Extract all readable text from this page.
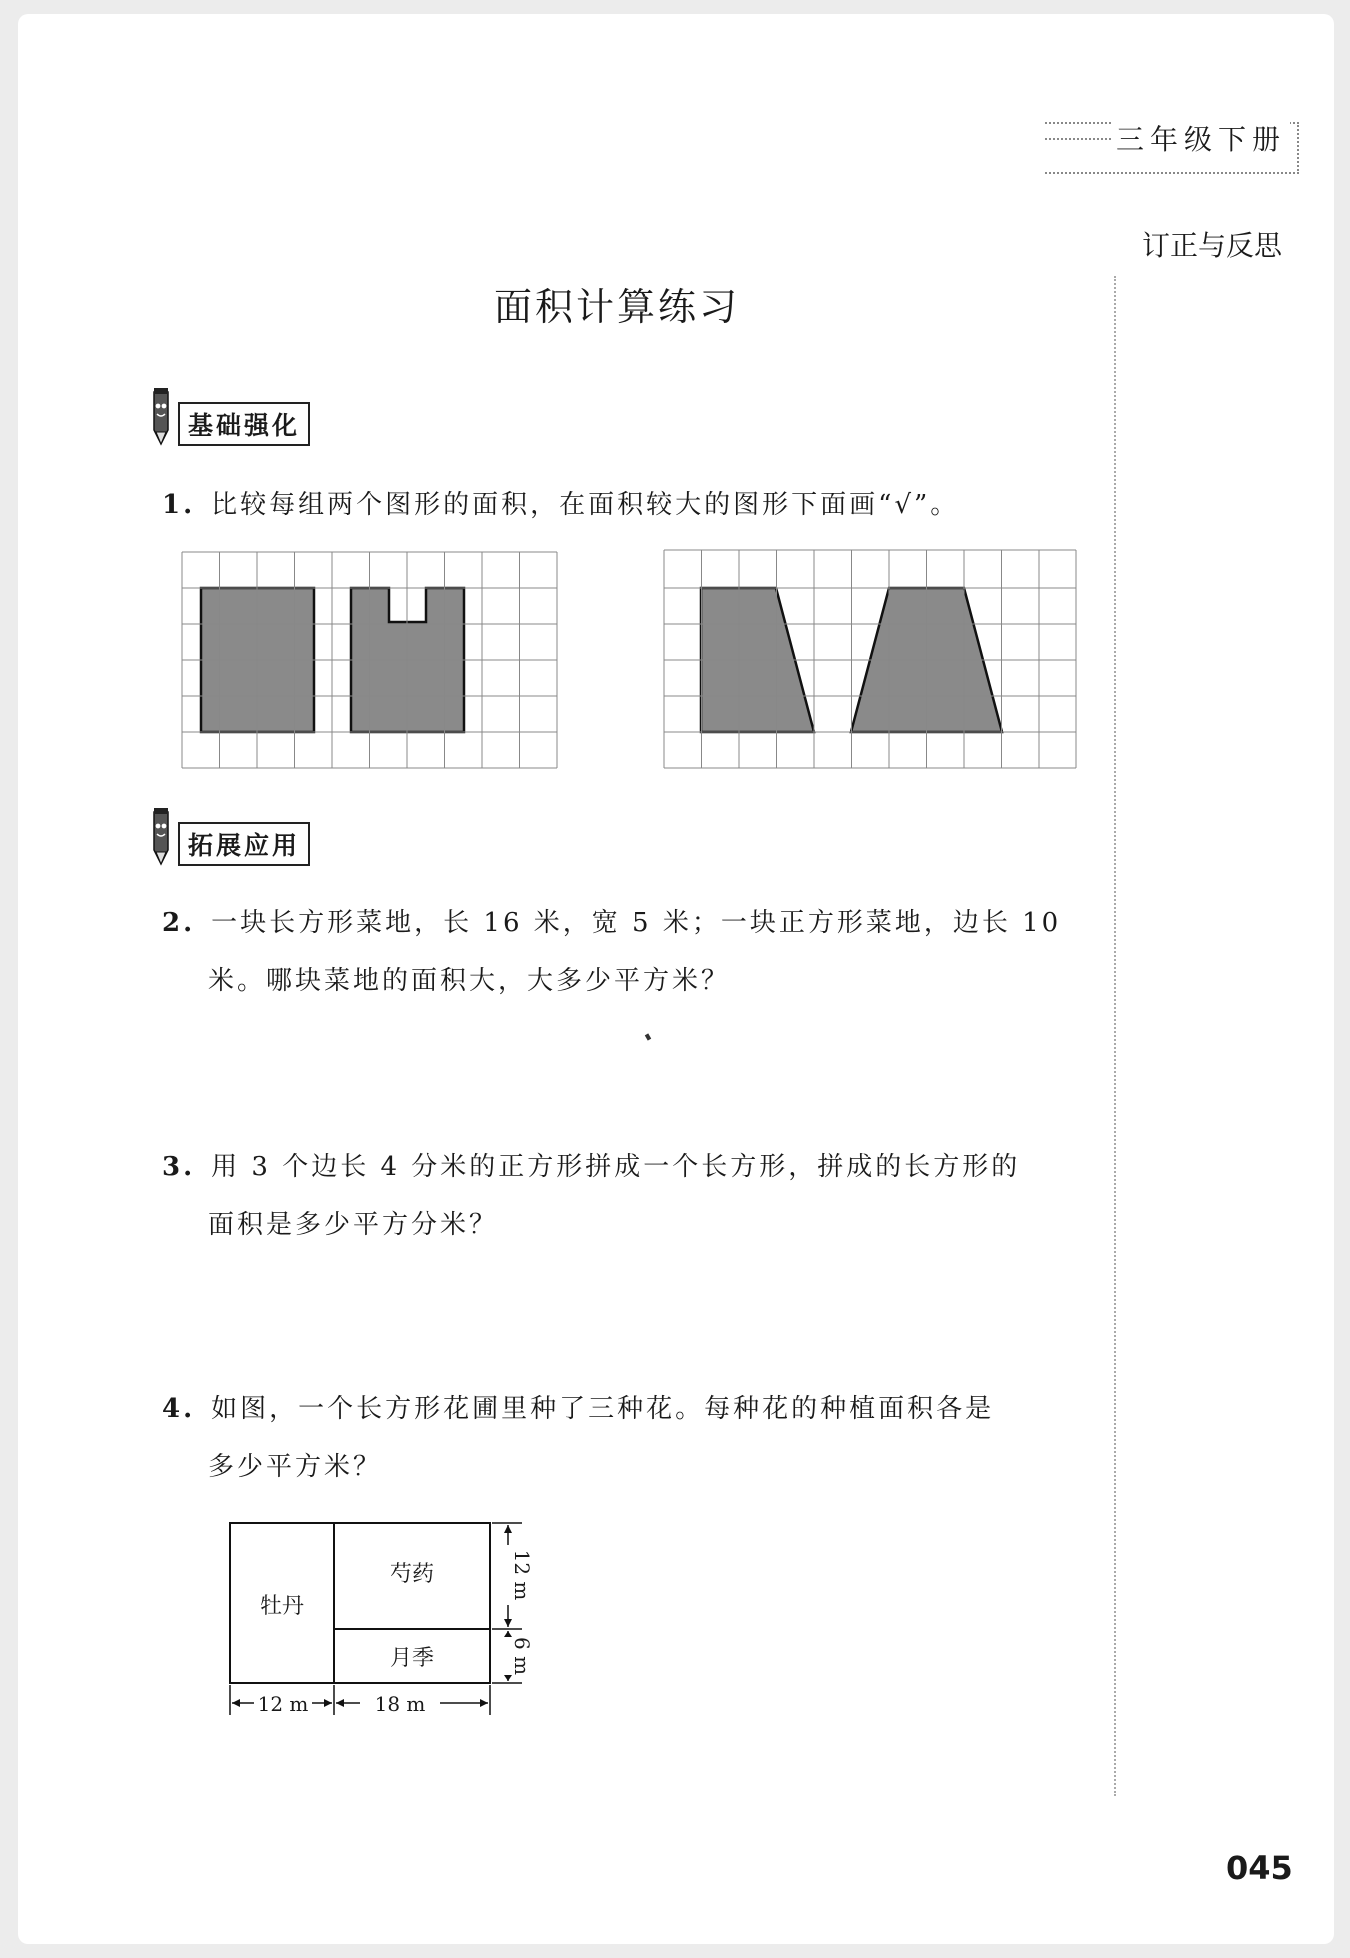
三年级下册
订正与反思
面积计算练习
基础强化
1. 比较每组两个图形的面积，在面积较大的图形下面画“√”。
拓展应用
2. 一块长方形菜地，长 16 米，宽 5 米；一块正方形菜地，边长 10
米。哪块菜地的面积大，大多少平方米？
3. 用 3 个边长 4 分米的正方形拼成一个长方形，拼成的长方形的
面积是多少平方分米？
4. 如图，一个长方形花圃里种了三种花。每种花的种植面积各是
多少平方米？
牡丹
芍药
月季
12 m	18 m
12 m
6 m
045
